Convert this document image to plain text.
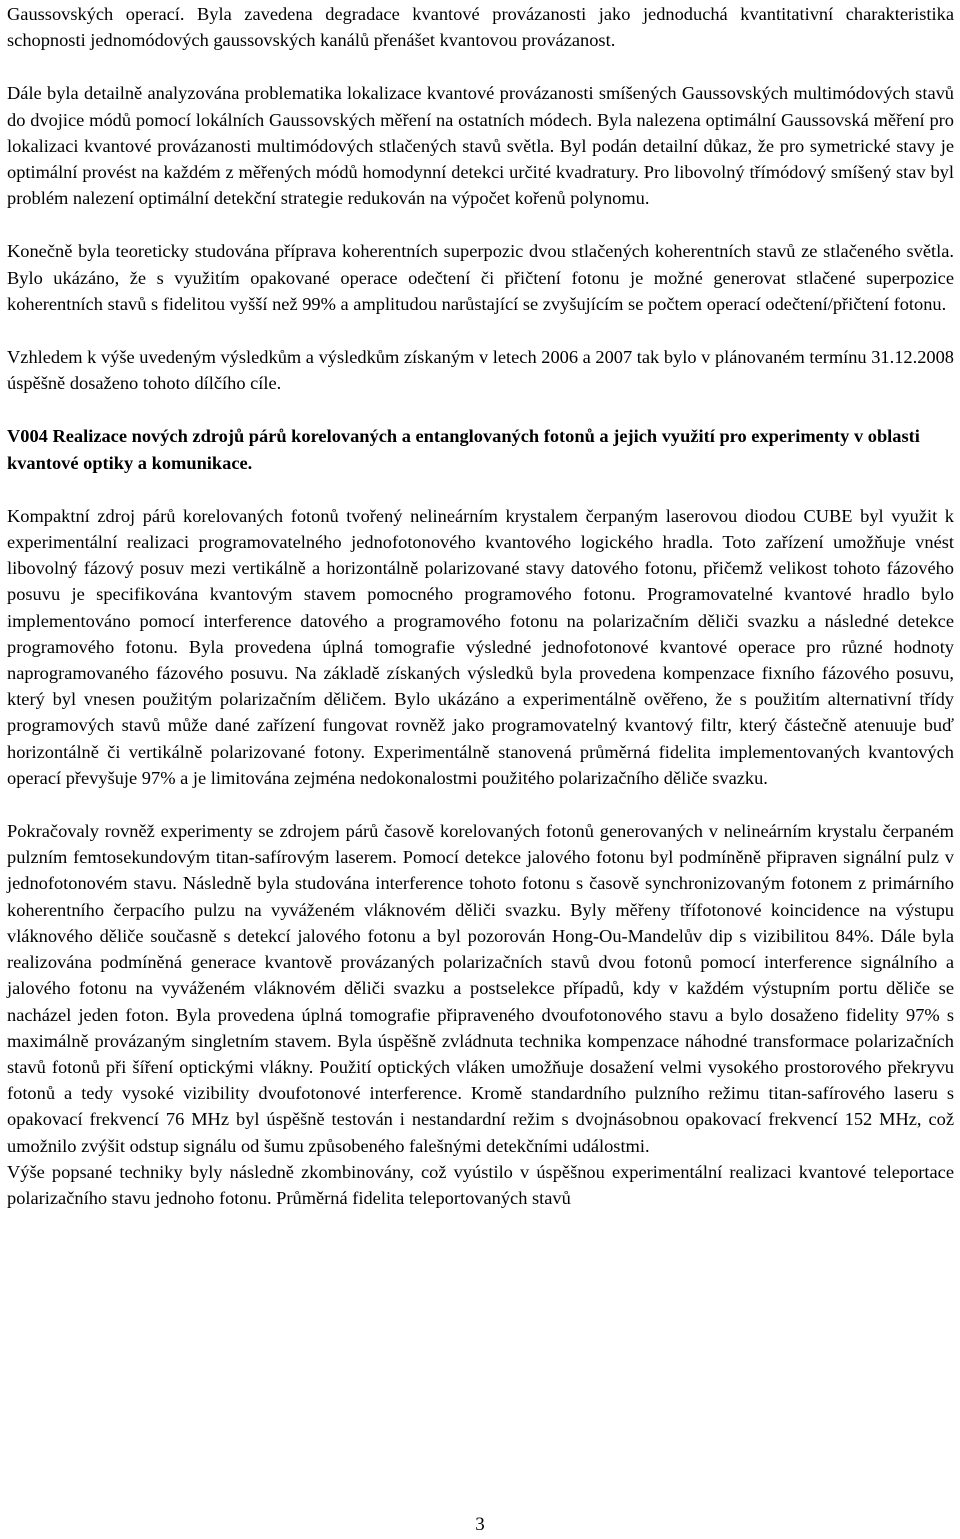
Gaussovských operací. Byla zavedena degradace kvantové provázanosti jako jednoduchá kvantitativní charakteristika schopnosti jednomódových gaussovských kanálů přenášet kvantovou provázanost.

Dále byla detailně analyzována problematika lokalizace kvantové provázanosti smíšených Gaussovských multimódových stavů do dvojice módů pomocí lokálních Gaussovských měření na ostatních módech. Byla nalezena optimální Gaussovská měření pro lokalizaci kvantové provázanosti multimódových stlačených stavů světla. Byl podán detailní důkaz, že pro symetrické stavy je optimální provést na každém z měřených módů homodynní detekci určité kvadratury. Pro libovolný třímódový smíšený stav byl problém nalezení optimální detekční strategie redukován na výpočet kořenů polynomu.

Konečně byla teoreticky studována příprava koherentních superpozic dvou stlačených koherentních stavů ze stlačeného světla. Bylo ukázáno, že s využitím opakované operace odečtení či přičtení fotonu je možné generovat stlačené superpozice koherentních stavů s fidelitou vyšší než 99% a amplitudou narůstající se zvyšujícím se počtem operací odečtení/přičtení fotonu.

Vzhledem k výše uvedeným výsledkům a výsledkům získaným v letech 2006 a 2007 tak bylo v plánovaném termínu 31.12.2008 úspěšně dosaženo tohoto dílčího cíle.

V004 Realizace nových zdrojů párů korelovaných a entanglovaných fotonů a jejich využití pro experimenty v oblasti kvantové optiky a komunikace.

Kompaktní zdroj párů korelovaných fotonů tvořený nelineárním krystalem čerpaným laserovou diodou CUBE byl využit k experimentální realizaci programovatelného jednofotonového kvantového logického hradla. Toto zařízení umožňuje vnést libovolný fázový posuv mezi vertikálně a horizontálně polarizované stavy datového fotonu, přičemž velikost tohoto fázového posuvu je specifikována kvantovým stavem pomocného programového fotonu. Programovatelné kvantové hradlo bylo implementováno pomocí interference datového a programového fotonu na polarizačním děliči svazku a následné detekce programového fotonu. Byla provedena úplná tomografie výsledné jednofotonové kvantové operace pro různé hodnoty naprogramovaného fázového posuvu. Na základě získaných výsledků byla provedena kompenzace fixního fázového posuvu, který byl vnesen použitým polarizačním děličem. Bylo ukázáno a experimentálně ověřeno, že s použitím alternativní třídy programových stavů může dané zařízení fungovat rovněž jako programovatelný kvantový filtr, který částečně atenuuje buď horizontálně či vertikálně polarizované fotony. Experimentálně stanovená průměrná fidelita implementovaných kvantových operací převyšuje 97% a je limitována zejména nedokonalostmi použitého polarizačního děliče svazku.

Pokračovaly rovněž experimenty se zdrojem párů časově korelovaných fotonů generovaných v nelineárním krystalu čerpaném pulzním femtosekundovým titan-safírovým laserem. Pomocí detekce jalového fotonu byl podmíněně připraven signální pulz v jednofotonovém stavu. Následně byla studována interference tohoto fotonu s časově synchronizovaným fotonem z primárního koherentního čerpacího pulzu na vyváženém vláknovém děliči svazku. Byly měřeny třífotonové koincidence na výstupu vláknového děliče současně s detekcí jalového fotonu a byl pozorován Hong-Ou-Mandelův dip s vizibilitou 84%. Dále byla realizována podmíněná generace kvantově provázaných polarizačních stavů dvou fotonů pomocí interference signálního a jalového fotonu na vyváženém vláknovém děliči svazku a postselekce případů, kdy v každém výstupním portu děliče se nacházel jeden foton. Byla provedena úplná tomografie připraveného dvoufotonového stavu a bylo dosaženo fidelity 97% s maximálně provázaným singletním stavem. Byla úspěšně zvládnuta technika kompenzace náhodné transformace polarizačních stavů fotonů při šíření optickými vlákny. Použití optických vláken umožňuje dosažení velmi vysokého prostorového překryvu fotonů a tedy vysoké vizibility dvoufotonové interference. Kromě standardního pulzního režimu titan-safírového laseru s opakovací frekvencí 76 MHz byl úspěšně testován i nestandardní režim s dvojnásobnou opakovací frekvencí 152 MHz, což umožnilo zvýšit odstup signálu od šumu způsobeného falešnými detekčními událostmi.

Výše popsané techniky byly následně zkombinovány, což vyústilo v úspěšnou experimentální realizaci kvantové teleportace polarizačního stavu jednoho fotonu. Průměrná fidelita teleportovaných stavů

3
